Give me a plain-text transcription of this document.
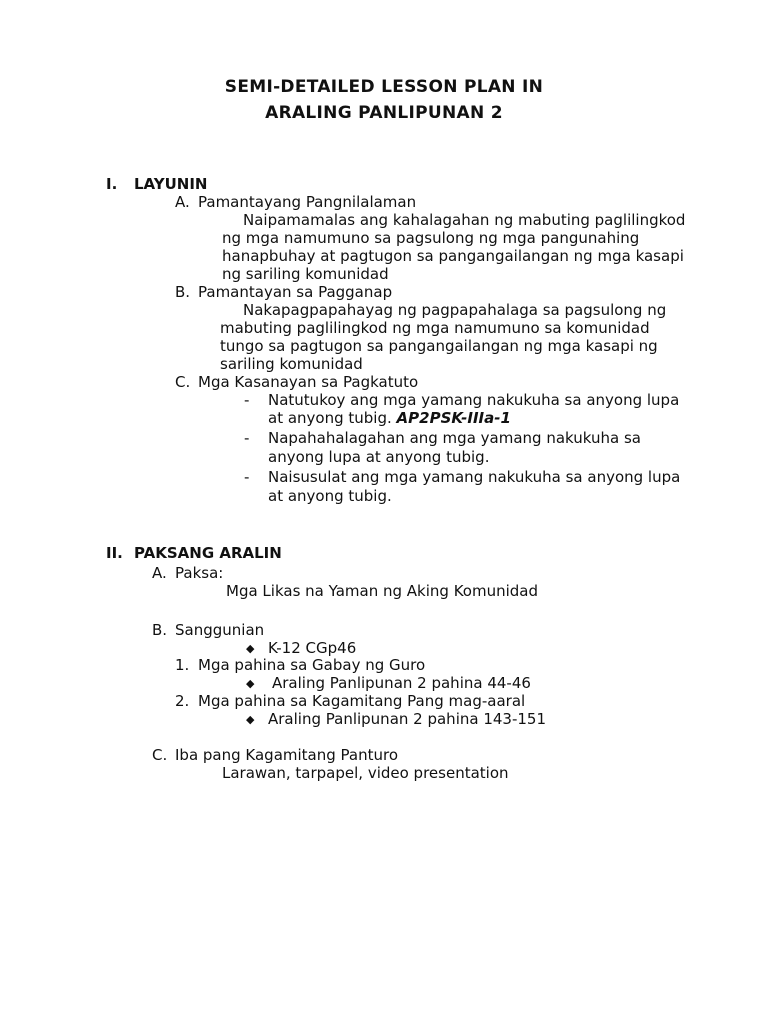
SEMI-DETAILED LESSON PLAN IN
ARALING PANLIPUNAN 2
I. LAYUNIN
A. Pamantayang Pangnilalaman
Naipamamalas ang kahalagahan ng mabuting paglilingkod
ng mga namumuno sa pagsulong ng mga pangunahing
hanapbuhay at pagtugon sa pangangailangan ng mga kasapi
ng sariling komunidad
B. Pamantayan sa Pagganap
Nakapagpapahayag ng pagpapahalaga sa pagsulong ng
mabuting paglilingkod ng mga namumuno sa komunidad
tungo sa pagtugon sa pangangailangan ng mga kasapi ng
sariling komunidad
C. Mga Kasanayan sa Pagkatuto
- Natutukoy ang mga yamang nakukuha sa anyong lupa
at anyong tubig. AP2PSK-IIIa-1
- Napahahalagahan ang mga yamang nakukuha sa
anyong lupa at anyong tubig.
- Naisusulat ang mga yamang nakukuha sa anyong lupa
at anyong tubig.
II. PAKSANG ARALIN
A. Paksa:
Mga Likas na Yaman ng Aking Komunidad
B. Sanggunian
◆ K-12 CGp46
1. Mga pahina sa Gabay ng Guro
◆ Araling Panlipunan 2 pahina 44-46
2. Mga pahina sa Kagamitang Pang mag-aaral
◆ Araling Panlipunan 2 pahina 143-151
C. Iba pang Kagamitang Panturo
Larawan, tarpapel, video presentation
